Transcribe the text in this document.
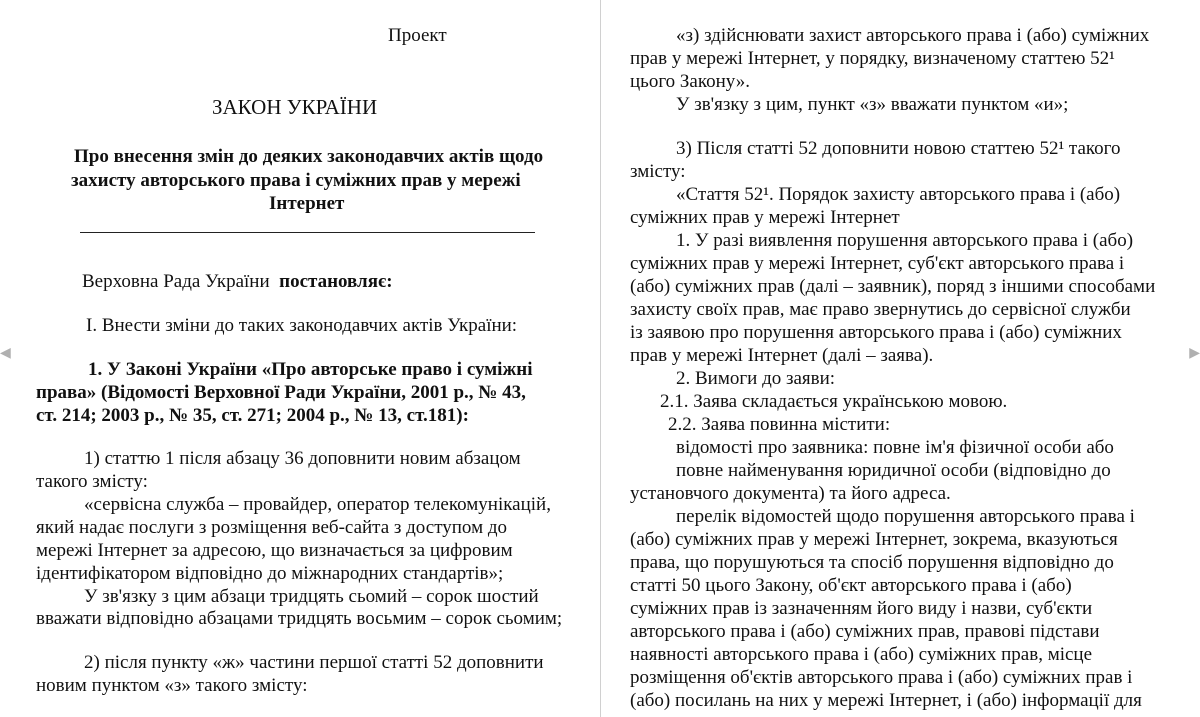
◀	▶
Проект
ЗАКОН УКРАЇНИ
Про внесення змін до деяких законодавчих актів щодо
захисту авторського права і суміжних прав у мережі
Інтернет
Верховна Рада України постановляє:
І. Внести зміни до таких законодавчих актів України:
1. У Законі України «Про авторське право і суміжні
права» (Відомості Верховної Ради України, 2001 р., № 43,
ст. 214; 2003 р., № 35, ст. 271; 2004 р., № 13, ст.181):
1) статтю 1 після абзацу 36 доповнити новим абзацом
такого змісту:
«сервісна служба – провайдер, оператор телекомунікацій,
який надає послуги з розміщення веб-сайта з доступом до
мережі Інтернет за адресою, що визначається за цифровим
ідентифікатором відповідно до міжнародних стандартів»;
У зв'язку з цим абзаци тридцять сьомий – сорок шостий
вважати відповідно абзацами тридцять восьмим – сорок сьомим;
2) після пункту «ж» частини першої статті 52 доповнити
новим пунктом «з» такого змісту:
«з) здійснювати захист авторського права і (або) суміжних
прав у мережі Інтернет, у порядку, визначеному статтею 52¹
цього Закону».
У зв'язку з цим, пункт «з» вважати пунктом «и»;
3) Після статті 52 доповнити новою статтею 52¹ такого
змісту:
«Стаття 52¹. Порядок захисту авторського права і (або)
суміжних прав у мережі Інтернет
1. У разі виявлення порушення авторського права і (або)
суміжних прав у мережі Інтернет, суб'єкт авторського права і
(або) суміжних прав (далі – заявник), поряд з іншими способами
захисту своїх прав, має право звернутись до сервісної служби
із заявою про порушення авторського права і (або) суміжних
прав у мережі Інтернет (далі – заява).
2. Вимоги до заяви:
2.1. Заява складається українською мовою.
2.2. Заява повинна містити:
відомості про заявника: повне ім'я фізичної особи або
повне найменування юридичної особи (відповідно до
установчого документа) та його адреса.
перелік відомостей щодо порушення авторського права і
(або) суміжних прав у мережі Інтернет, зокрема, вказуються
права, що порушуються та спосіб порушення відповідно до
статті 50 цього Закону, об'єкт авторського права і (або)
суміжних прав із зазначенням його виду і назви, суб'єкти
авторського права і (або) суміжних прав, правові підстави
наявності авторського права і (або) суміжних прав, місце
розміщення об'єктів авторського права і (або) суміжних прав і
(або) посилань на них у мережі Інтернет, і (або) інформації для
